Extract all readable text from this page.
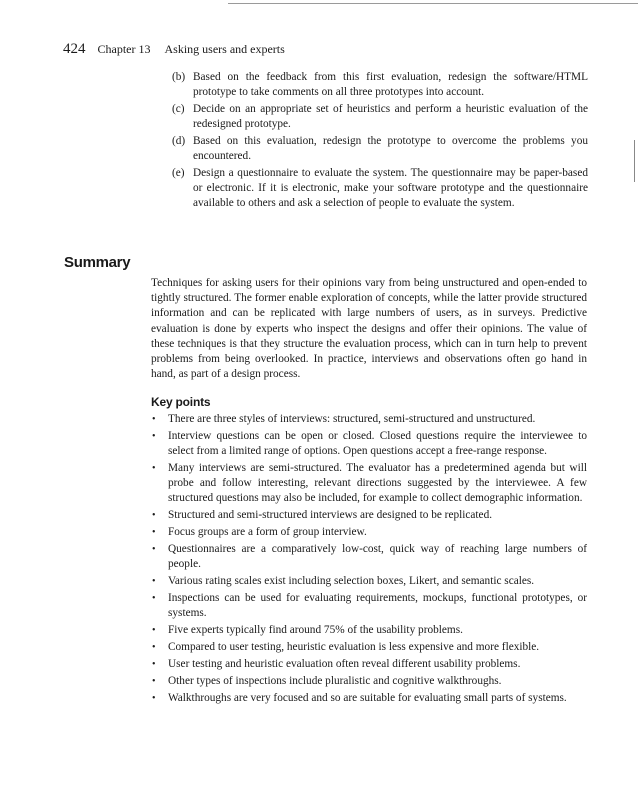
424 Chapter 13 Asking users and experts
(b) Based on the feedback from this first evaluation, redesign the software/HTML prototype to take comments on all three prototypes into account.
(c) Decide on an appropriate set of heuristics and perform a heuristic evaluation of the redesigned prototype.
(d) Based on this evaluation, redesign the prototype to overcome the problems you encountered.
(e) Design a questionnaire to evaluate the system. The questionnaire may be paper-based or electronic. If it is electronic, make your software prototype and the questionnaire available to others and ask a selection of people to evaluate the system.
Summary

Techniques for asking users for their opinions vary from being unstructured and open-ended to tightly structured. The former enable exploration of concepts, while the latter provide structured information and can be replicated with large numbers of users, as in surveys. Predictive evaluation is done by experts who inspect the designs and offer their opinions. The value of these techniques is that they structure the evaluation process, which can in turn help to prevent problems from being overlooked. In practice, interviews and observations often go hand in hand, as part of a design process.

Key points
• There are three styles of interviews: structured, semi-structured and unstructured.
• Interview questions can be open or closed. Closed questions require the interviewee to select from a limited range of options. Open questions accept a free-range response.
• Many interviews are semi-structured. The evaluator has a predetermined agenda but will probe and follow interesting, relevant directions suggested by the interviewee. A few structured questions may also be included, for example to collect demographic information.
• Structured and semi-structured interviews are designed to be replicated.
• Focus groups are a form of group interview.
• Questionnaires are a comparatively low-cost, quick way of reaching large numbers of people.
• Various rating scales exist including selection boxes, Likert, and semantic scales.
• Inspections can be used for evaluating requirements, mockups, functional prototypes, or systems.
• Five experts typically find around 75% of the usability problems.
• Compared to user testing, heuristic evaluation is less expensive and more flexible.
• User testing and heuristic evaluation often reveal different usability problems.
• Other types of inspections include pluralistic and cognitive walkthroughs.
• Walkthroughs are very focused and so are suitable for evaluating small parts of systems.
